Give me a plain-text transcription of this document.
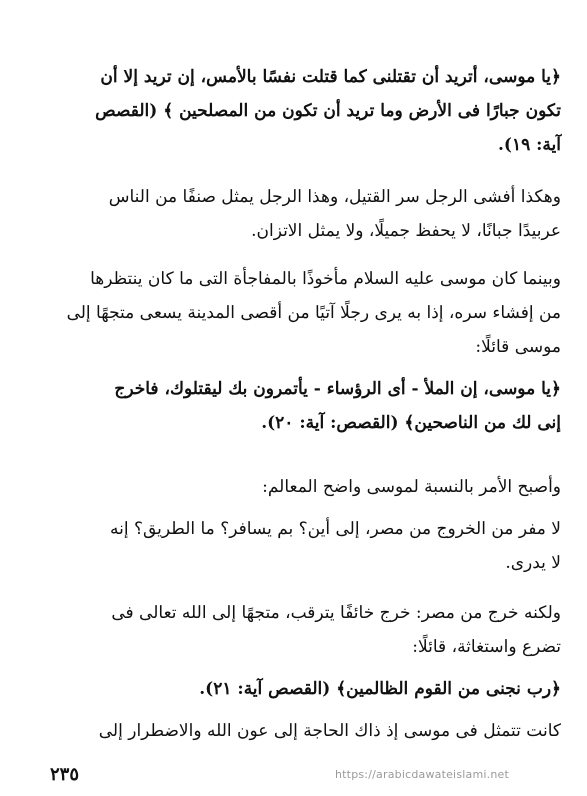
﴿يا موسى، أتريد أن تقتلنى كما قتلت نفسًا بالأمس، إن تريد إلا أن
تكون جبارًا فى الأرض وما تريد أن تكون من المصلحين ﴾ (القصص
آية: ١٩).
وهكذا أفشى الرجل سر القتيل، وهذا الرجل يمثل صنفًا من الناس
عربيدًا جبانًا، لا يحفظ جميلًا، ولا يمثل الاتزان.
وبينما كان موسى عليه السلام مأخوذًا بالمفاجأة التى ما كان ينتظرها
من إفشاء سره، إذا به يرى رجلًا آتيًا من أقصى المدينة يسعى متجهًا إلى
موسى قائلًا:
﴿يا موسى، إن الملأ - أى الرؤساء - يأتمرون بك ليقتلوك، فاخرج
إنى لك من الناصحين﴾ (القصص: آية: ٢٠).
وأصبح الأمر بالنسبة لموسى واضح المعالم:
لا مفر من الخروج من مصر، إلى أين؟ بم يسافر؟ ما الطريق؟ إنه
لا يدرى.
ولكنه خرج من مصر: خرج خائفًا يترقب، متجهًا إلى الله تعالى فى
تضرع واستغاثة، قائلًا:
﴿رب نجنى من القوم الظالمين﴾ (القصص آية: ٢١).
كانت تتمثل فى موسى إذ ذاك الحاجة إلى عون الله والاضطرار إلى
٢٣٥	https://arabicdawateislami.net
